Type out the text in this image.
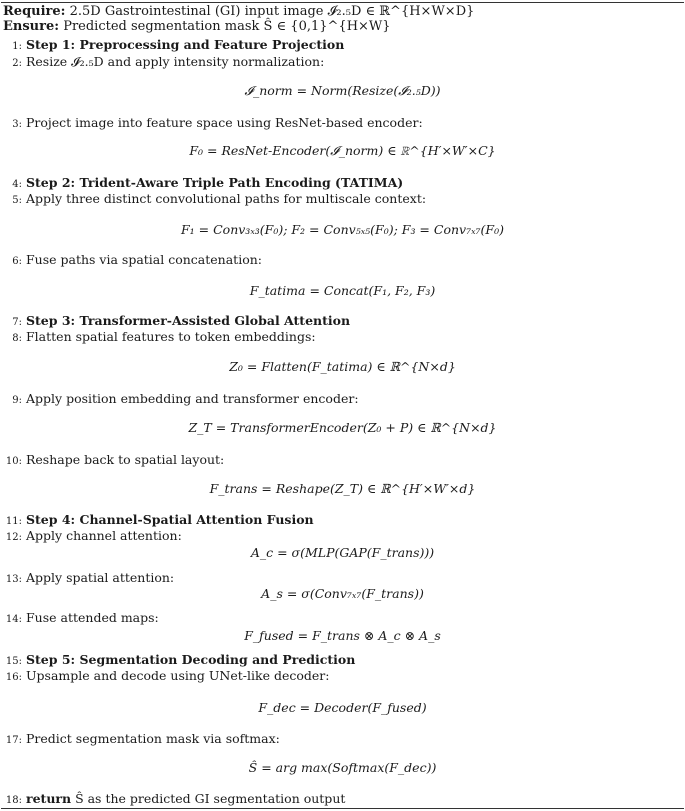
Require: 2.5D Gastrointestinal (GI) input image 𝓘₂.₅D ∈ ℝ^{H×W×D}
Ensure: Predicted segmentation mask Ŝ ∈ {0,1}^{H×W}
1: Step 1: Preprocessing and Feature Projection
2: Resize 𝓘₂.₅D and apply intensity normalization:
𝓘_norm = Norm(Resize(𝓘₂.₅D))
3: Project image into feature space using ResNet-based encoder:
F₀ = ResNet-Encoder(𝓘_norm) ∈ ℝ^{H′×W′×C}
4: Step 2: Trident-Aware Triple Path Encoding (TATIMA)
5: Apply three distinct convolutional paths for multiscale context:
F₁ = Conv₃ₓ₃(F₀); F₂ = Conv₅ₓ₅(F₀); F₃ = Conv₇ₓ₇(F₀)
6: Fuse paths via spatial concatenation:
F_tatima = Concat(F₁, F₂, F₃)
7: Step 3: Transformer-Assisted Global Attention
8: Flatten spatial features to token embeddings:
Z₀ = Flatten(F_tatima) ∈ ℝ^{N×d}
9: Apply position embedding and transformer encoder:
Z_T = TransformerEncoder(Z₀ + P) ∈ ℝ^{N×d}
10: Reshape back to spatial layout:
F_trans = Reshape(Z_T) ∈ ℝ^{H′×W′×d}
11: Step 4: Channel-Spatial Attention Fusion
12: Apply channel attention:
A_c = σ(MLP(GAP(F_trans)))
13: Apply spatial attention:
A_s = σ(Conv₇ₓ₇(F_trans))
14: Fuse attended maps:
F_fused = F_trans ⊗ A_c ⊗ A_s
15: Step 5: Segmentation Decoding and Prediction
16: Upsample and decode using UNet-like decoder:
F_dec = Decoder(F_fused)
17: Predict segmentation mask via softmax:
Ŝ = arg max(Softmax(F_dec))
18: return Ŝ as the predicted GI segmentation output
